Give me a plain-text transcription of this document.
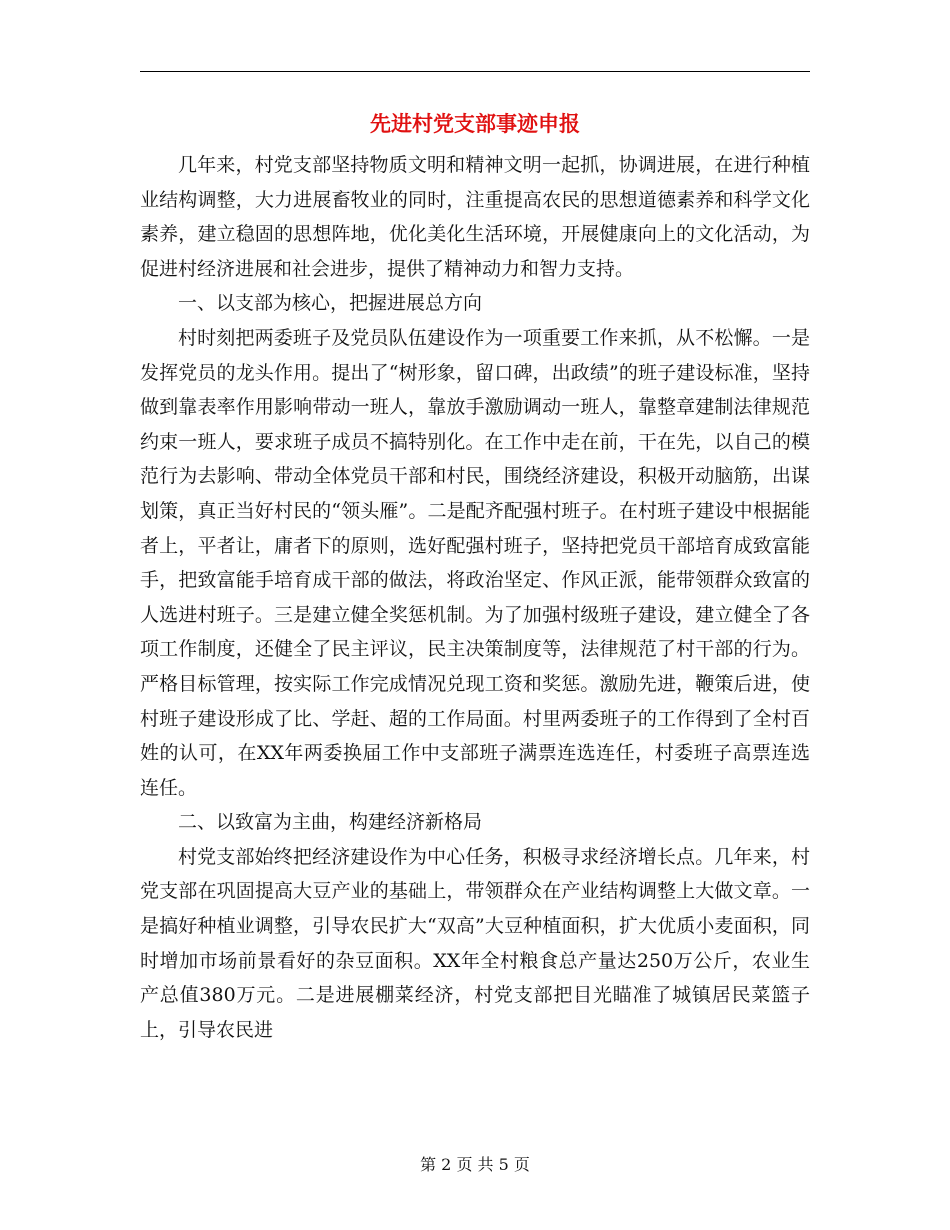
先进村党支部事迹申报

几年来，村党支部坚持物质文明和精神文明一起抓，协调进展，在进行种植业结构调整，大力进展畜牧业的同时，注重提高农民的思想道德素养和科学文化素养，建立稳固的思想阵地，优化美化生活环境，开展健康向上的文化活动，为促进村经济进展和社会进步，提供了精神动力和智力支持。

一、以支部为核心，把握进展总方向

村时刻把两委班子及党员队伍建设作为一项重要工作来抓，从不松懈。一是发挥党员的龙头作用。提出了“树形象，留口碑，出政绩”的班子建设标准，坚持做到靠表率作用影响带动一班人，靠放手激励调动一班人，靠整章建制法律规范约束一班人，要求班子成员不搞特别化。在工作中走在前，干在先，以自己的模范行为去影响、带动全体党员干部和村民，围绕经济建设，积极开动脑筋，出谋划策，真正当好村民的“领头雁”。二是配齐配强村班子。在村班子建设中根据能者上，平者让，庸者下的原则，选好配强村班子，坚持把党员干部培育成致富能手，把致富能手培育成干部的做法，将政治坚定、作风正派，能带领群众致富的人选进村班子。三是建立健全奖惩机制。为了加强村级班子建设，建立健全了各项工作制度，还健全了民主评议，民主决策制度等，法律规范了村干部的行为。严格目标管理，按实际工作完成情况兑现工资和奖惩。激励先进，鞭策后进，使村班子建设形成了比、学赶、超的工作局面。村里两委班子的工作得到了全村百姓的认可，在XX年两委换届工作中支部班子满票连选连任，村委班子高票连选连任。

二、以致富为主曲，构建经济新格局

村党支部始终把经济建设作为中心任务，积极寻求经济增长点。几年来，村党支部在巩固提高大豆产业的基础上，带领群众在产业结构调整上大做文章。一是搞好种植业调整，引导农民扩大“双高”大豆种植面积，扩大优质小麦面积，同时增加市场前景看好的杂豆面积。XX年全村粮食总产量达250万公斤，农业生产总值380万元。二是进展棚菜经济，村党支部把目光瞄准了城镇居民菜篮子上，引导农民进

第 2 页 共 5 页
